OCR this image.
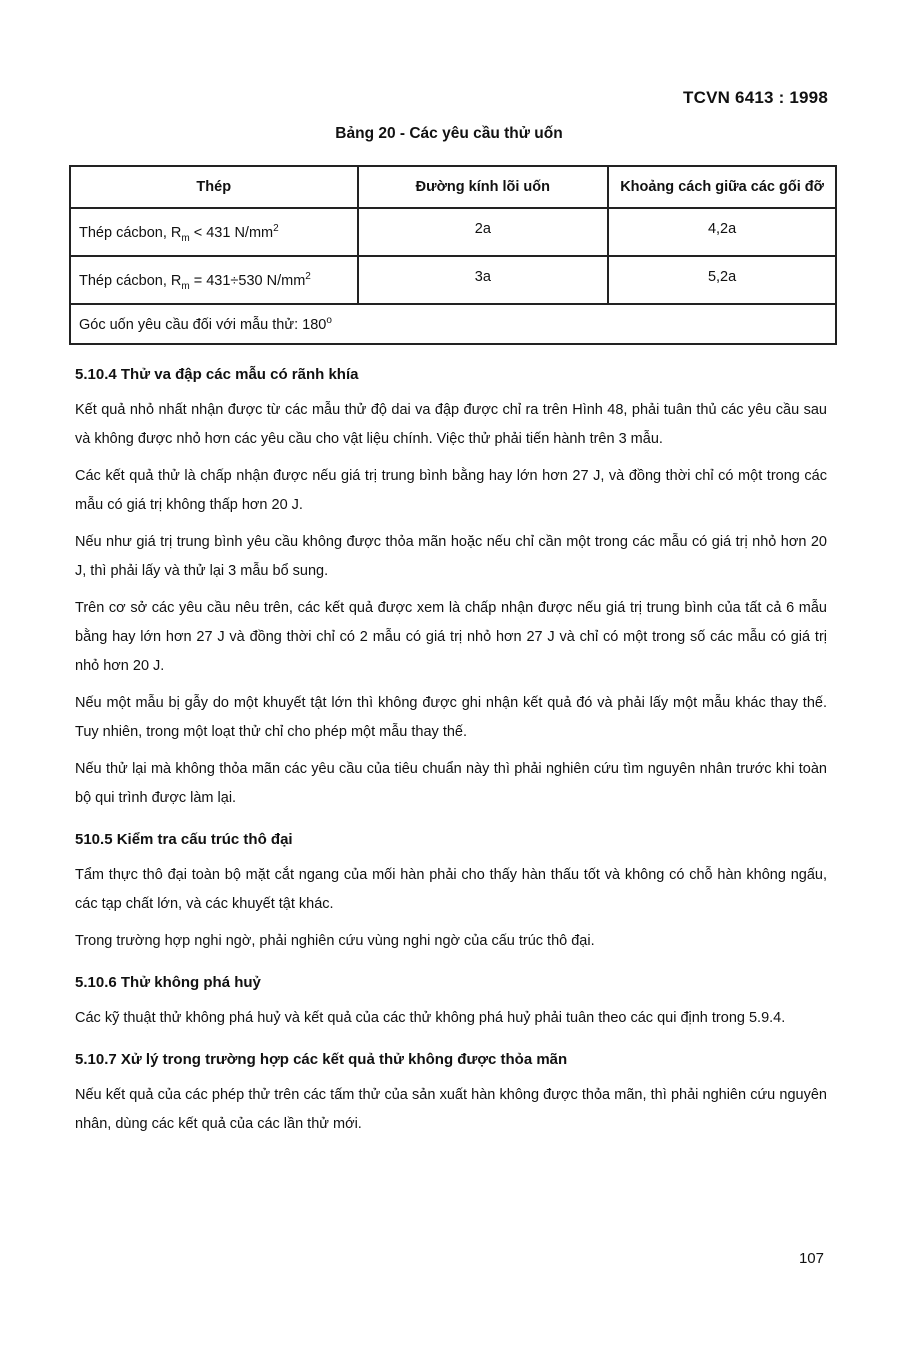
TCVN 6413 : 1998
Bảng 20 - Các yêu cầu thử uốn
Thép	Đường kính lõi uốn	Khoảng cách giữa các gối đỡ
Thép cácbon, $R_m < 431$ $N/mm^2$	2a	4,2a
Thép cácbon, $R_m = 431\div 530$ $N/mm^2$	3a	5,2a
Góc uốn yêu cầu đối với mẫu thử: 180$^o$
5.10.4 Thử va đập các mẫu có rãnh khía

Kết quả nhỏ nhất nhận được từ các mẫu thử độ dai va đập được chỉ ra trên Hình 48, phải tuân thủ các yêu cầu sau và không được nhỏ hơn các yêu cầu cho vật liệu chính. Việc thử phải tiến hành trên 3 mẫu.

Các kết quả thử là chấp nhận được nếu giá trị trung bình bằng hay lớn hơn 27 J, và đồng thời chỉ có một trong các mẫu có giá trị không thấp hơn 20 J.

Nếu như giá trị trung bình yêu cầu không được thỏa mãn hoặc nếu chỉ cần một trong các mẫu có giá trị nhỏ hơn 20 J, thì phải lấy và thử lại 3 mẫu bổ sung.

Trên cơ sở các yêu cầu nêu trên, các kết quả được xem là chấp nhận được nếu giá trị trung bình của tất cả 6 mẫu bằng hay lớn hơn 27 J và đồng thời chỉ có 2 mẫu có giá trị nhỏ hơn 27 J và chỉ có một trong số các mẫu có giá trị nhỏ hơn 20 J.

Nếu một mẫu bị gẫy do một khuyết tật lớn thì không được ghi nhận kết quả đó và phải lấy một mẫu khác thay thế. Tuy nhiên, trong một loạt thử chỉ cho phép một mẫu thay thế.

Nếu thử lại mà không thỏa mãn các yêu cầu của tiêu chuẩn này thì phải nghiên cứu tìm nguyên nhân trước khi toàn bộ qui trình được làm lại.

510.5 Kiểm tra cấu trúc thô đại

Tẩm thực thô đại toàn bộ mặt cắt ngang của mối hàn phải cho thấy hàn thấu tốt và không có chỗ hàn không ngấu, các tạp chất lớn, và các khuyết tật khác.

Trong trường hợp nghi ngờ, phải nghiên cứu vùng nghi ngờ của cấu trúc thô đại.

5.10.6 Thử không phá huỷ

Các kỹ thuật thử không phá huỷ và kết quả của các thử không phá huỷ phải tuân theo các qui định trong 5.9.4.

5.10.7 Xử lý trong trường hợp các kết quả thử không được thỏa mãn

Nếu kết quả của các phép thử trên các tấm thử của sản xuất hàn không được thỏa mãn, thì phải nghiên cứu nguyên nhân, dùng các kết quả của các lần thử mới.

107
